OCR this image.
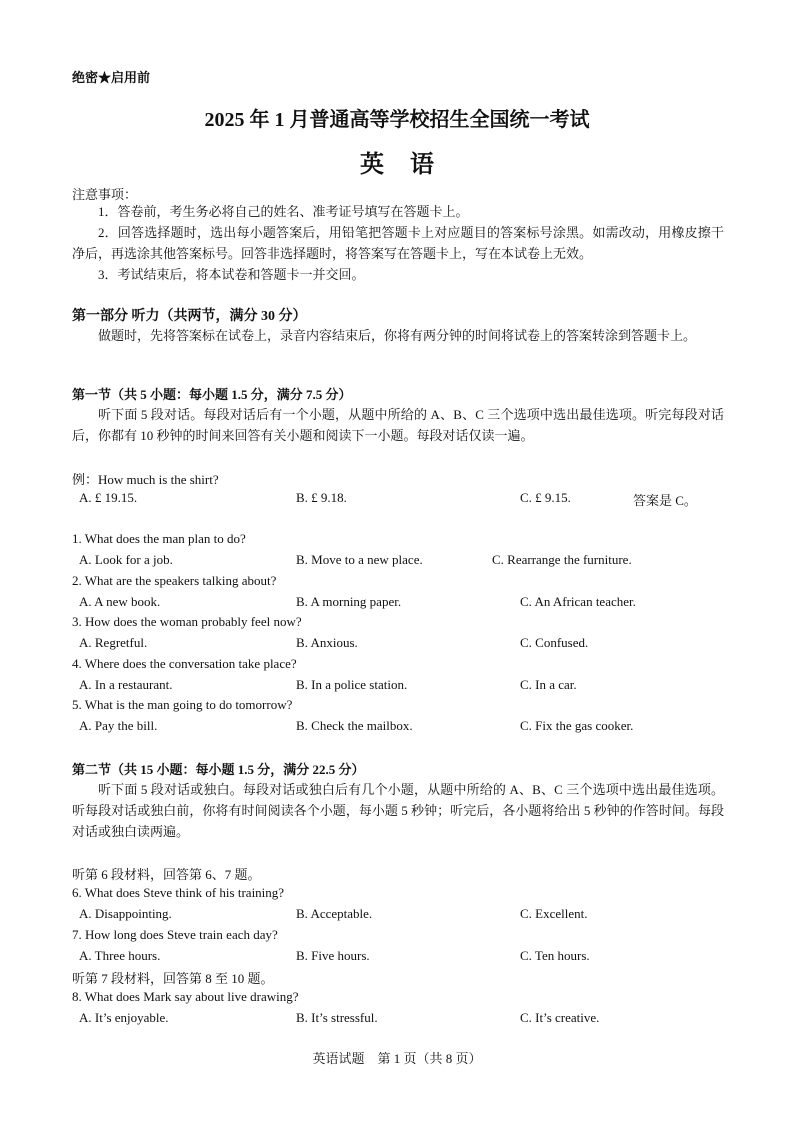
绝密★启用前
2025 年 1 月普通高等学校招生全国统一考试
英语
注意事项：
1．答卷前，考生务必将自己的姓名、准考证号填写在答题卡上。
2．回答选择题时，选出每小题答案后，用铅笔把答题卡上对应题目的答案标号涂黑。如需改动，用橡皮擦干净后，再选涂其他答案标号。回答非选择题时，将答案写在答题卡上，写在本试卷上无效。
3．考试结束后，将本试卷和答题卡一并交回。
第一部分 听力（共两节，满分 30 分）
做题时，先将答案标在试卷上，录音内容结束后，你将有两分钟的时间将试卷上的答案转涂到答题卡上。
第一节（共 5 小题：每小题 1.5 分，满分 7.5 分）
听下面 5 段对话。每段对话后有一个小题，从题中所给的 A、B、C 三个选项中选出最佳选项。听完每段对话后，你都有 10 秒钟的时间来回答有关小题和阅读下一小题。每段对话仅读一遍。
例：How much is the shirt?
A. £ 19.15.	B. £ 9.18.	C. £ 9.15.	答案是 C。
1. What does the man plan to do?
A. Look for a job.	B. Move to a new place.	C. Rearrange the furniture.
2. What are the speakers talking about?
A. A new book.	B. A morning paper.	C. An African teacher.
3. How does the woman probably feel now?
A. Regretful.	B. Anxious.	C. Confused.
4. Where does the conversation take place?
A. In a restaurant.	B. In a police station.	C. In a car.
5. What is the man going to do tomorrow?
A. Pay the bill.	B. Check the mailbox.	C. Fix the gas cooker.
第二节（共 15 小题：每小题 1.5 分，满分 22.5 分）
听下面 5 段对话或独白。每段对话或独白后有几个小题，从题中所给的 A、B、C 三个选项中选出最佳选项。听每段对话或独白前，你将有时间阅读各个小题，每小题 5 秒钟；听完后，各小题将给出 5 秒钟的作答时间。每段对话或独白读两遍。
听第 6 段材料，回答第 6、7 题。
6. What does Steve think of his training?
A. Disappointing.	B. Acceptable.	C. Excellent.
7. How long does Steve train each day?
A. Three hours.	B. Five hours.	C. Ten hours.
听第 7 段材料，回答第 8 至 10 题。
8. What does Mark say about live drawing?
A. It’s enjoyable.	B. It’s stressful.	C. It’s creative.
英语试题　第 1 页（共 8 页）
